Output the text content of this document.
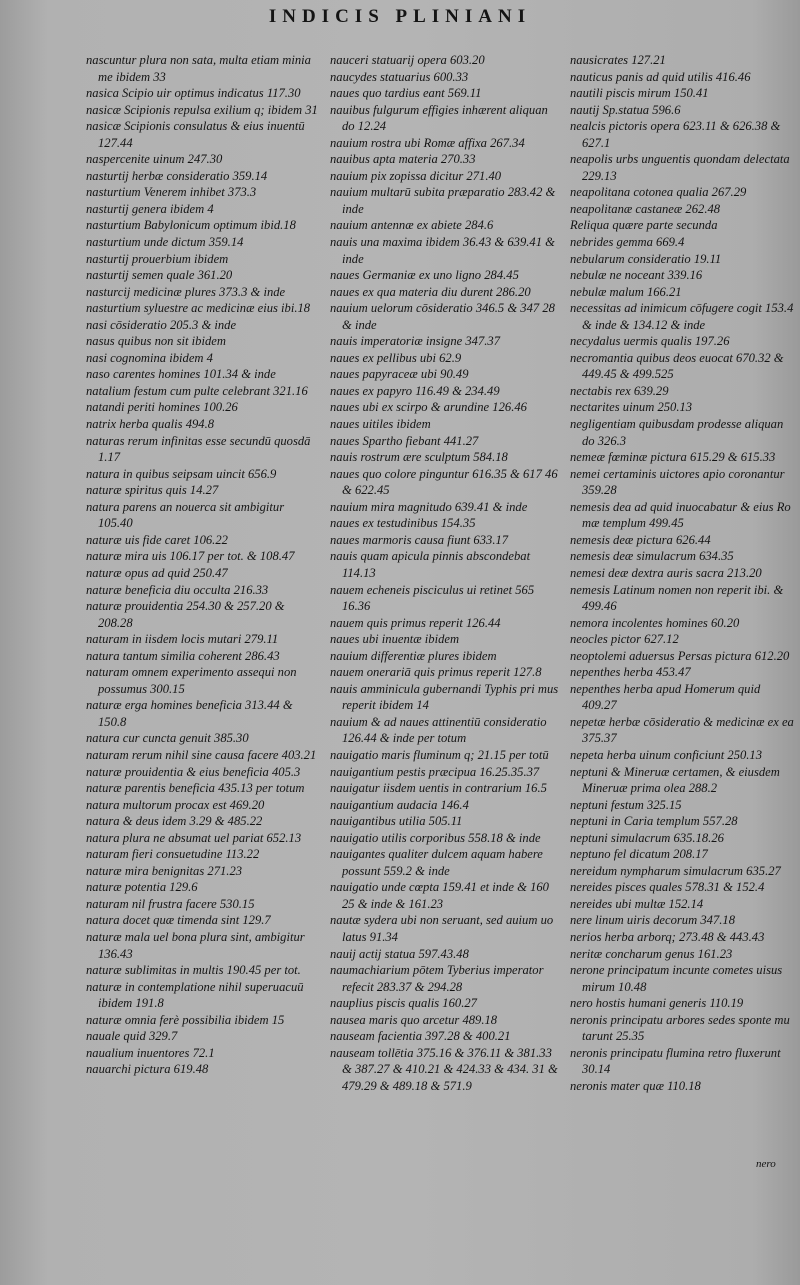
INDICIS PLINIANI

nascuntur plura non sata, multa etiam minia me ibidem 33

nasica Scipio uir optimus indicatus 117.30

nasicæ Scipionis repulsa exilium q; ibidem 31

nasicæ Scipionis consulatus & eius inuentū 127.44

naspercenite uinum 247.30

nasturtij herbæ consideratio 359.14

nasturtium Venerem inhibet 373.3

nasturtij genera ibidem 4

nasturtium Babylonicum optimum ibid.18

nasturtium unde dictum 359.14

nasturtij prouerbium ibidem

nasturtij semen quale 361.20

nasturcij medicinæ plures 373.3 & inde

nasturtium syluestre ac medicinæ eius ibi.18

nasi cōsideratio 205.3 & inde

nasus quibus non sit ibidem

nasi cognomina ibidem 4

naso carentes homines 101.34 & inde

natalium festum cum pulte celebrant 321.16

natandi periti homines 100.26

natrix herba qualis 494.8

naturas rerum infinitas esse secundū quosdā 1.17

natura in quibus seipsam uincit 656.9

naturæ spiritus quis 14.27

natura parens an nouerca sit ambigitur 105.40

naturæ uis fide caret 106.22

naturæ mira uis 106.17 per tot. & 108.47

naturæ opus ad quid 250.47

naturæ beneficia diu occulta 216.33

naturæ prouidentia 254.30 & 257.20 & 208.28

naturam in iisdem locis mutari 279.11

natura tantum similia coherent 286.43

naturam omnem experimento assequi non possumus 300.15

naturæ erga homines beneficia 313.44 & 150.8

natura cur cuncta genuit 385.30

naturam rerum nihil sine causa facere 403.21

naturæ prouidentia & eius beneficia 405.3

naturæ parentis beneficia 435.13 per totum

natura multorum procax est 469.20

natura & deus idem 3.29 & 485.22

natura plura ne absumat uel pariat 652.13

naturam fieri consuetudine 113.22

naturæ mira benignitas 271.23

naturæ potentia 129.6

naturam nil frustra facere 530.15

natura docet quæ timenda sint 129.7

naturæ mala uel bona plura sint, ambigitur 136.43

naturæ sublimitas in multis 190.45 per tot.

naturæ in contemplatione nihil superuacuū ibidem 191.8

naturæ omnia ferè possibilia ibidem 15

nauale quid 329.7

naualium inuentores 72.1

nauarchi pictura 619.48

nauceri statuarij opera 603.20

naucydes statuarius 600.33

naues quo tardius eant 569.11

nauibus fulgurum effigies inhærent aliquan do 12.24

nauium rostra ubi Romæ affixa 267.34

nauibus apta materia 270.33

nauium pix zopissa dicitur 271.40

nauium multarū subita præparatio 283.42 & inde

nauium antennæ ex abiete 284.6

nauis una maxima ibidem 36.43 & 639.41 & inde

naues Germaniæ ex uno ligno 284.45

naues ex qua materia diu durent 286.20

nauium uelorum cōsideratio 346.5 & 347 28 & inde

nauis imperatoriæ insigne 347.37

naues ex pellibus ubi 62.9

naues papyraceæ ubi 90.49

naues ex papyro 116.49 & 234.49

naues ubi ex scirpo & arundine 126.46

naues uitiles ibidem

naues Spartho fiebant 441.27

nauis rostrum ære sculptum 584.18

naues quo colore pinguntur 616.35 & 617 46 & 622.45

nauium mira magnitudo 639.41 & inde

naues ex testudinibus 154.35

naues marmoris causa fiunt 633.17

nauis quam apicula pinnis abscondebat 114.13

nauem echeneis pisciculus ui retinet 565 16.36

nauem quis primus reperit 126.44

naues ubi inuentæ ibidem

nauium differentiæ plures ibidem

nauem onerariā quis primus reperit 127.8

nauis amminicula gubernandi Typhis pri mus reperit ibidem 14

nauium & ad naues attinentiū consideratio 126.44 & inde per totum

nauigatio maris fluminum q; 21.15 per totū

nauigantium pestis præcipua 16.25.35.37

nauigatur iisdem uentis in contrarium 16.5

nauigantium audacia 146.4

nauigantibus utilia 505.11

nauigatio utilis corporibus 558.18 & inde

nauigantes qualiter dulcem aquam habere possunt 559.2 & inde

nauigatio unde cœpta 159.41 et inde & 160 25 & inde & 161.23

nautæ sydera ubi non seruant, sed auium uo latus 91.34

nauij actij statua 597.43.48

naumachiarium pōtem Tyberius imperator refecit 283.37 & 294.28

nauplius piscis qualis 160.27

nausea maris quo arcetur 489.18

nauseam facientia 397.28 & 400.21

nauseam tollētia 375.16 & 376.11 & 381.33 & 387.27 & 410.21 & 424.33 & 434. 31 & 479.29 & 489.18 & 571.9

nausicrates 127.21

nauticus panis ad quid utilis 416.46

nautili piscis mirum 150.41

nautij Sp.statua 596.6

nealcis pictoris opera 623.11 & 626.38 & 627.1

neapolis urbs unguentis quondam delectata 229.13

neapolitana cotonea qualia 267.29

neapolitanæ castaneæ 262.48

Reliqua quære parte secunda

nebrides gemma 669.4

nebularum consideratio 19.11

nebulæ ne noceant 339.16

nebulæ malum 166.21

necessitas ad inimicum cōfugere cogit 153.4 & inde & 134.12 & inde

necydalus uermis qualis 197.26

necromantia quibus deos euocat 670.32 & 449.45 & 499.525

nectabis rex 639.29

nectarites uinum 250.13

negligentiam quibusdam prodesse aliquan do 326.3

nemeæ fœminæ pictura 615.29 & 615.33

nemei certaminis uictores apio coronantur 359.28

nemesis dea ad quid inuocabatur & eius Ro mæ templum 499.45

nemesis deæ pictura 626.44

nemesis deæ simulacrum 634.35

nemesi deæ dextra auris sacra 213.20

nemesis Latinum nomen non reperit ibi. & 499.46

nemora incolentes homines 60.20

neocles pictor 627.12

neoptolemi aduersus Persas pictura 612.20

nepenthes herba 453.47

nepenthes herba apud Homerum quid 409.27

nepetæ herbæ cōsideratio & medicinæ ex ea 375.37

nepeta herba uinum conficiunt 250.13

neptuni & Mineruæ certamen, & eiusdem Mineruæ prima olea 288.2

neptuni festum 325.15

neptuni in Caria templum 557.28

neptuni simulacrum 635.18.26

neptuno fel dicatum 208.17

nereidum nympharum simulacrum 635.27

nereides pisces quales 578.31 & 152.4

nereides ubi multæ 152.14

nere linum uiris decorum 347.18

nerios herba arborq; 273.48 & 443.43

neritæ concharum genus 161.23

nerone principatum incunte cometes uisus mirum 10.48

nero hostis humani generis 110.19

neronis principatu arbores sedes sponte mu tarunt 25.35

neronis principatu flumina retro fluxerunt 30.14

neronis mater quæ 110.18

nero
